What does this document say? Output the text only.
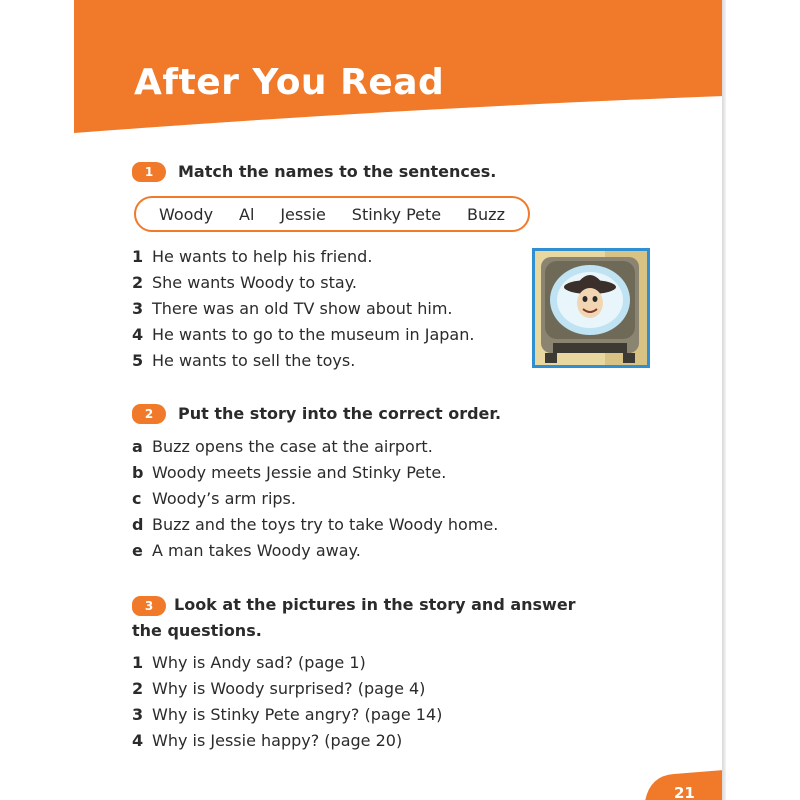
After You Read
1	Match the names to the sentences.
Woody Al Jessie Stinky Pete Buzz
1 He wants to help his friend.
2 She wants Woody to stay.
3 There was an old TV show about him.
4 He wants to go to the museum in Japan.
5 He wants to sell the toys.
2	Put the story into the correct order.
a Buzz opens the case at the airport.
b Woody meets Jessie and Stinky Pete.
c Woody’s arm rips.
d Buzz and the toys try to take Woody home.
e A man takes Woody away.
3 Look at the pictures in the story and answer the questions.
1 Why is Andy sad? (page 1)
2 Why is Woody surprised? (page 4)
3 Why is Stinky Pete angry? (page 14)
4 Why is Jessie happy? (page 20)
21
